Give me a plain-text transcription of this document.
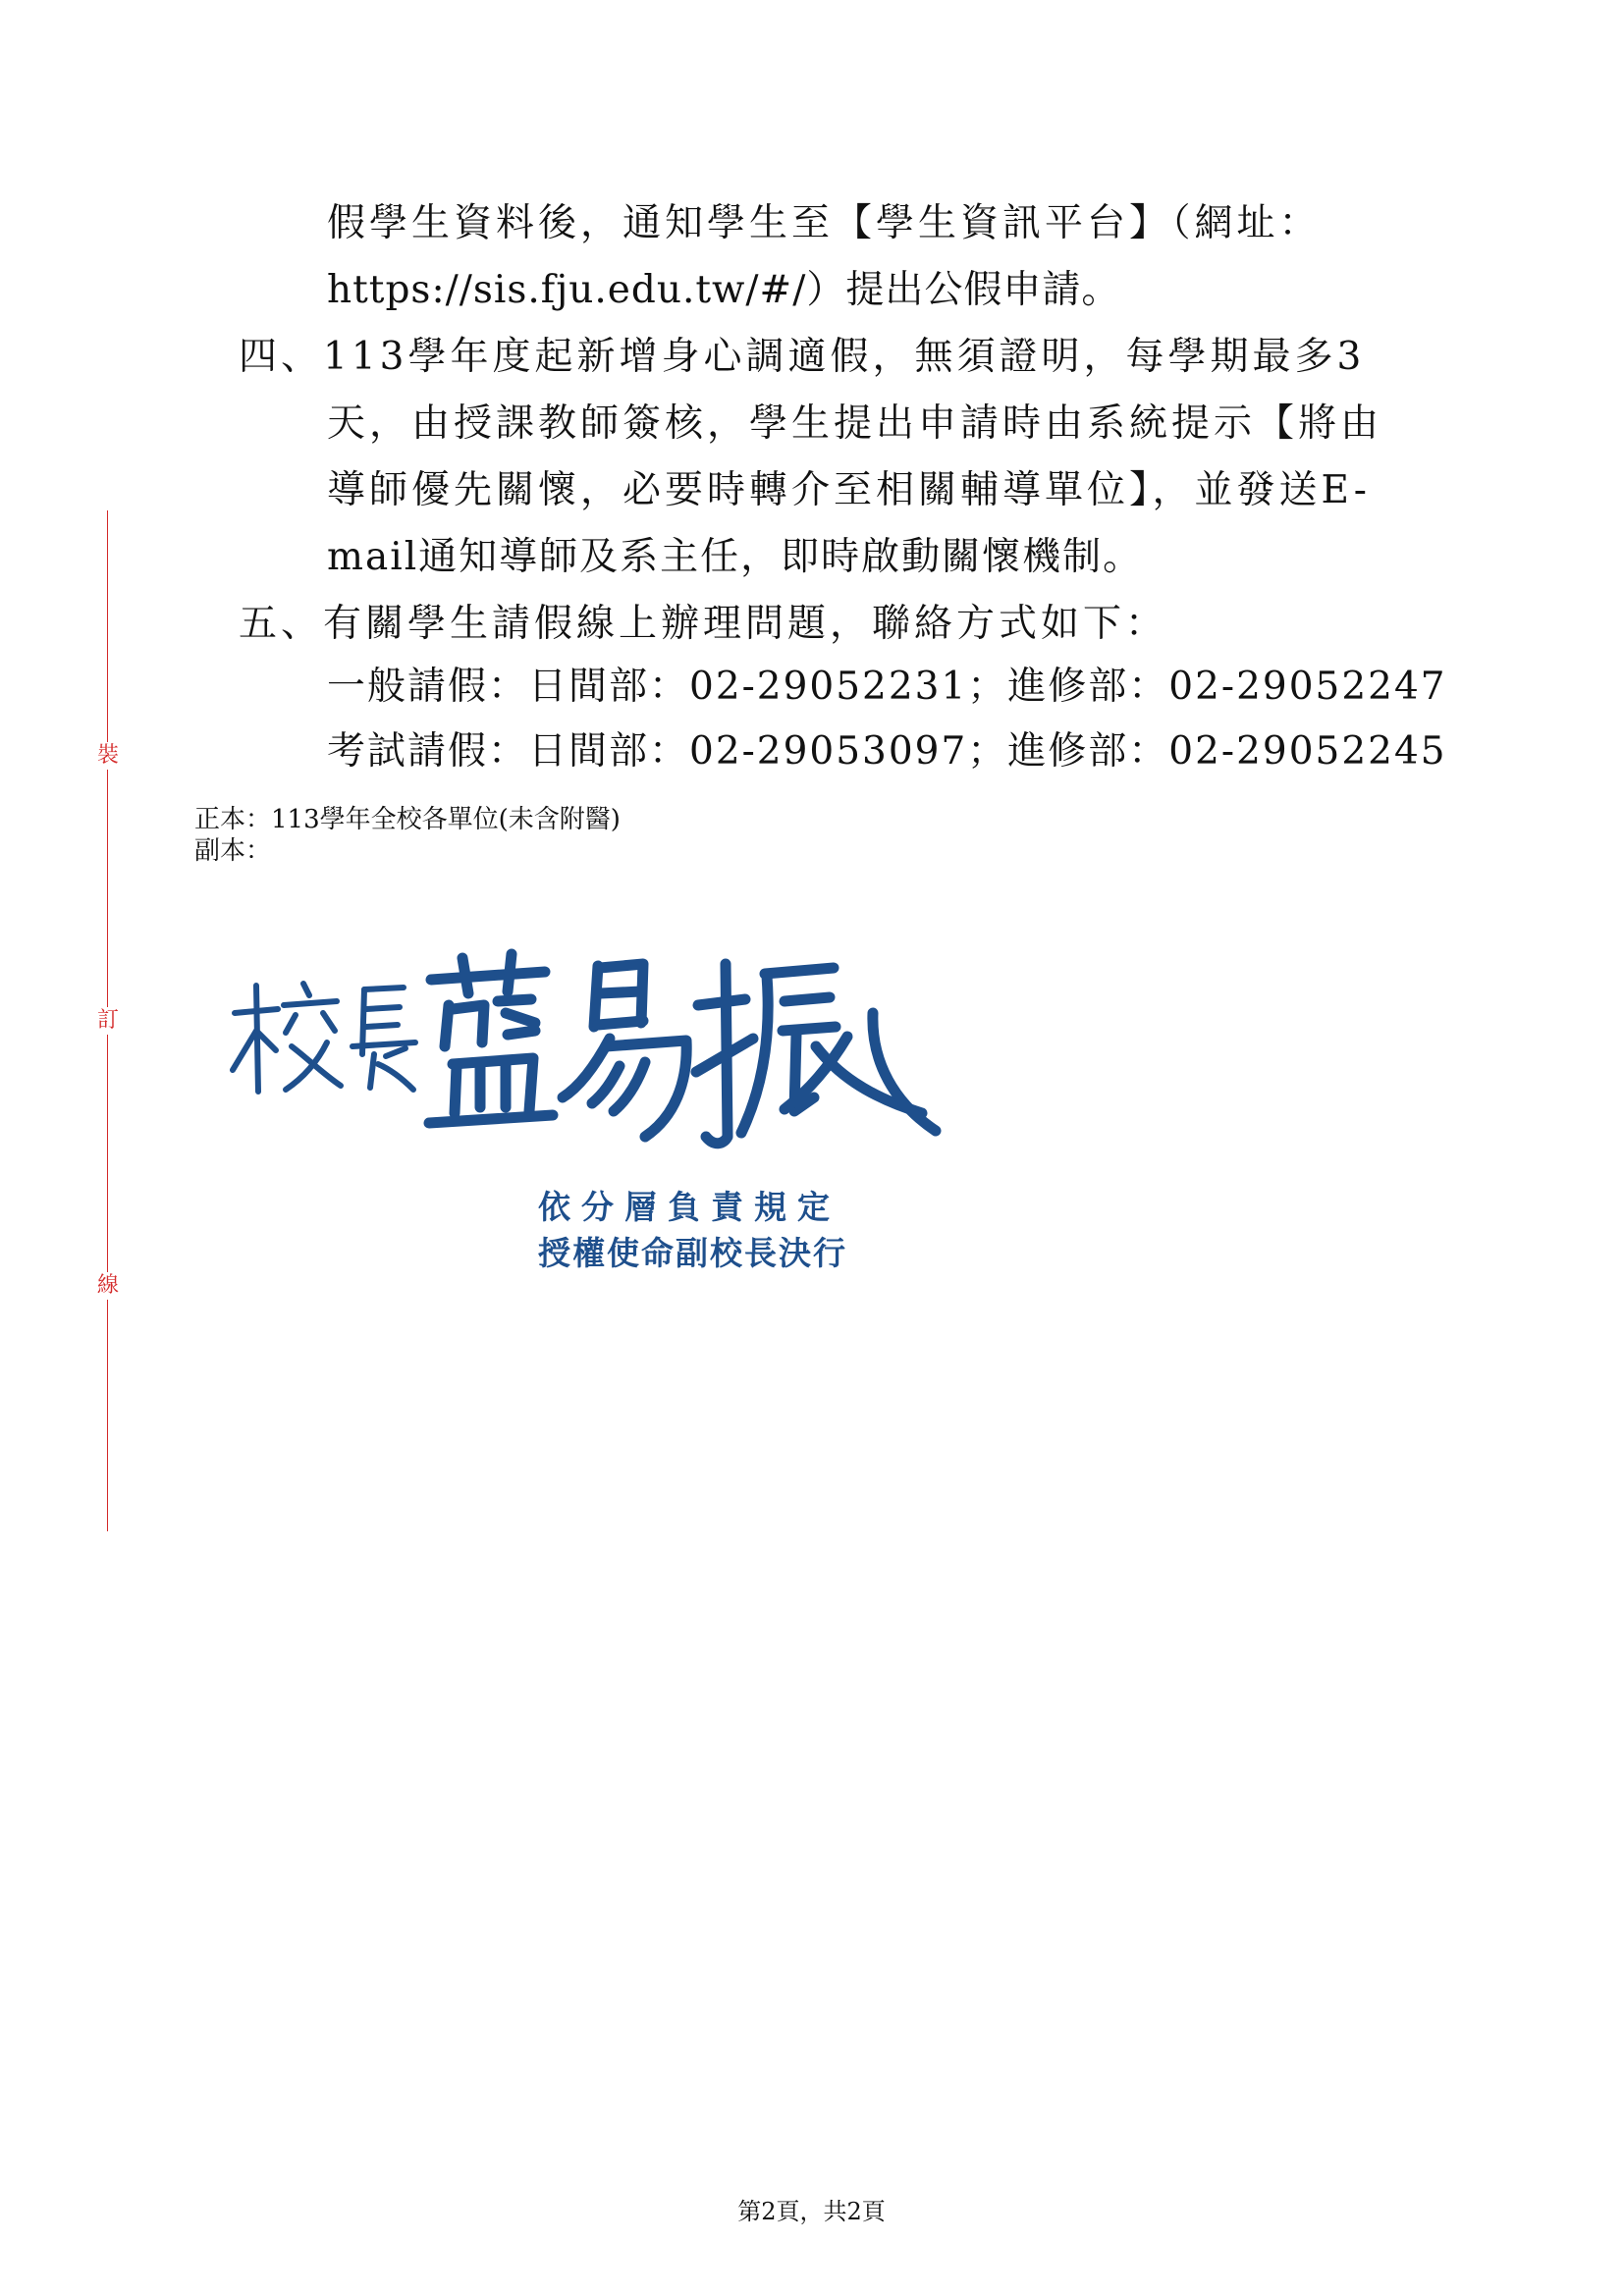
裝
訂
線
假學生資料後，通知學生至【學生資訊平台】（網址：
https://sis.fju.edu.tw/#/）提出公假申請。
四、113學年度起新增身心調適假，無須證明，每學期最多3
天，由授課教師簽核，學生提出申請時由系統提示【將由
導師優先關懷，必要時轉介至相關輔導單位】，並發送E-
mail通知導師及系主任，即時啟動關懷機制。
五、有關學生請假線上辦理問題，聯絡方式如下：
一般請假：日間部：02-29052231；進修部：02-29052247
考試請假：日間部：02-29053097；進修部：02-29052245
正本：113學年全校各單位(未含附醫)
副本：
校長藍易振
依分層負責規定
授權使命副校長決行
第2頁，共2頁
